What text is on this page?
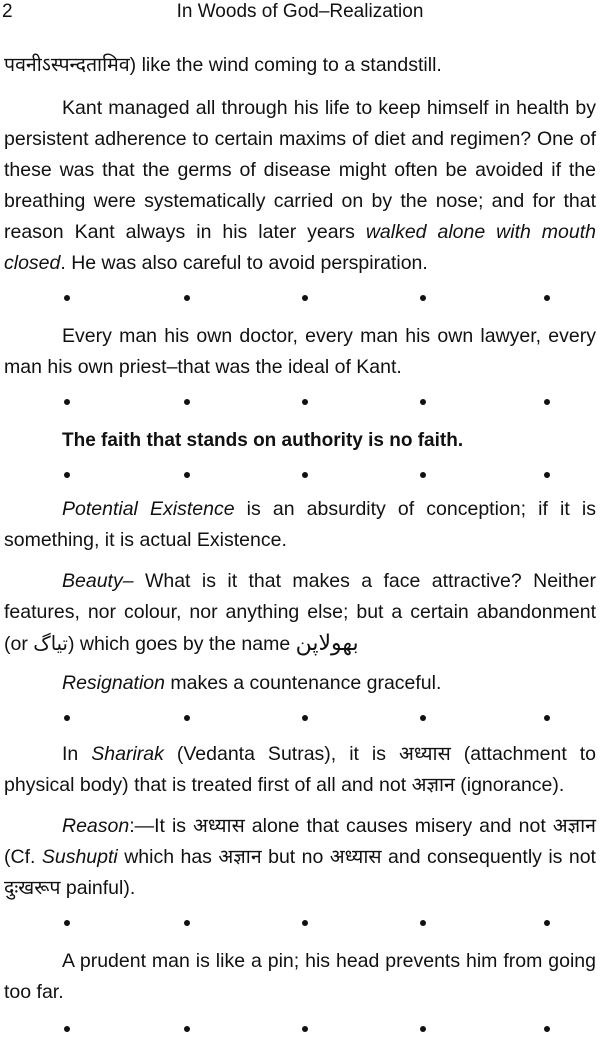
2	In Woods of God–Realization

पवनीऽस्पन्दतामिव) like the wind coming to a standstill.

Kant managed all through his life to keep himself in health by persistent adherence to certain maxims of diet and regimen? One of these was that the germs of disease might often be avoided if the breathing were systematically carried on by the nose; and for that reason Kant always in his later years walked alone with mouth closed. He was also careful to avoid perspiration.

Every man his own doctor, every man his own lawyer, every man his own priest–that was the ideal of Kant.

The faith that stands on authority is no faith.

Potential Existence is an absurdity of conception; if it is something, it is actual Existence.

Beauty– What is it that makes a face attractive? Neither features, nor colour, nor anything else; but a certain abandonment (or تیاگ) which goes by the name بھولاپن

Resignation makes a countenance graceful.

In Sharirak (Vedanta Sutras), it is अध्यास (attachment to physical body) that is treated first of all and not अज्ञान (ignorance).

Reason:—It is अध्यास alone that causes misery and not अज्ञान (Cf. Sushupti which has अज्ञान but no अध्यास and consequently is not दुःखरूप painful).

A prudent man is like a pin; his head prevents him from going too far.
